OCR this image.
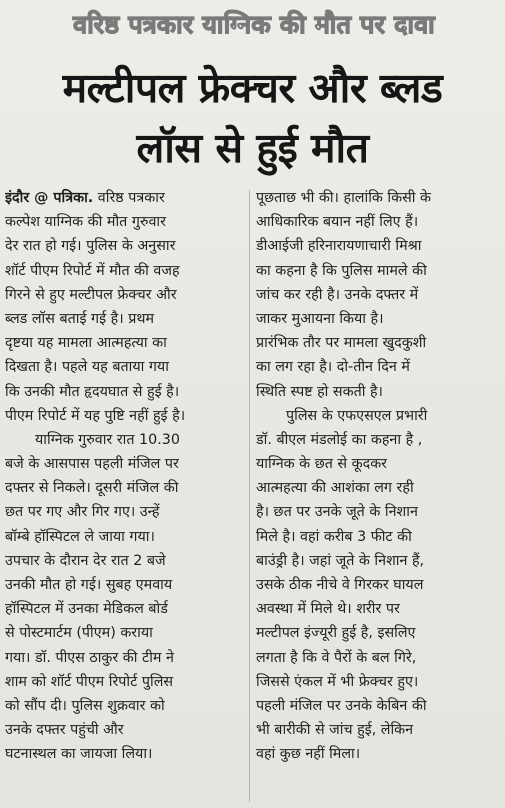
वरिष्ठ पत्रकार याग्निक की मौत पर दावा
मल्टीपल फ्रेक्चर और ब्लड
लॉस से हुई मौत
इंदौर @ पत्रिका. वरिष्ठ पत्रकार
कल्पेश याग्निक की मौत गुरुवार
देर रात हो गई। पुलिस के अनुसार
शॉर्ट पीएम रिपोर्ट में मौत की वजह
गिरने से हुए मल्टीपल फ्रेक्चर और
ब्लड लॉस बताई गई है। प्रथम
दृष्टया यह मामला आत्महत्या का
दिखता है। पहले यह बताया गया
कि उनकी मौत हृदयघात से हुई है।
पीएम रिपोर्ट में यह पुष्टि नहीं हुई है।
याग्निक गुरुवार रात 10.30
बजे के आसपास पहली मंजिल पर
दफ्तर से निकले। दूसरी मंजिल की
छत पर गए और गिर गए। उन्हें
बॉम्बे हॉस्पिटल ले जाया गया।
उपचार के दौरान देर रात 2 बजे
उनकी मौत हो गई। सुबह एमवाय
हॉस्पिटल में उनका मेडिकल बोर्ड
से पोस्टमार्टम (पीएम) कराया
गया। डॉ. पीएस ठाकुर की टीम ने
शाम को शॉर्ट पीएम रिपोर्ट पुलिस
को सौंप दी। पुलिस शुक्रवार को
उनके दफ्तर पहुंची और
घटनास्थल का जायजा लिया।
पूछताछ भी की। हालांकि किसी के
आधिकारिक बयान नहीं लिए हैं।
डीआईजी हरिनारायणाचारी मिश्रा
का कहना है कि पुलिस मामले की
जांच कर रही है। उनके दफ्तर में
जाकर मुआयना किया है।
प्रारंभिक तौर पर मामला खुदकुशी
का लग रहा है। दो-तीन दिन में
स्थिति स्पष्ट हो सकती है।
पुलिस के एफएसएल प्रभारी
डॉ. बीएल मंडलोई का कहना है ,
याग्निक के छत से कूदकर
आत्महत्या की आशंका लग रही
है। छत पर उनके जूते के निशान
मिले है। वहां करीब 3 फीट की
बाउंड्री है। जहां जूते के निशान हैं,
उसके ठीक नीचे वे गिरकर घायल
अवस्था में मिले थे। शरीर पर
मल्टीपल इंज्यूरी हुई है, इसलिए
लगता है कि वे पैरों के बल गिरे,
जिससे एंकल में भी फ्रेक्चर हुए।
पहली मंजिल पर उनके केबिन की
भी बारीकी से जांच हुई, लेकिन
वहां कुछ नहीं मिला।
